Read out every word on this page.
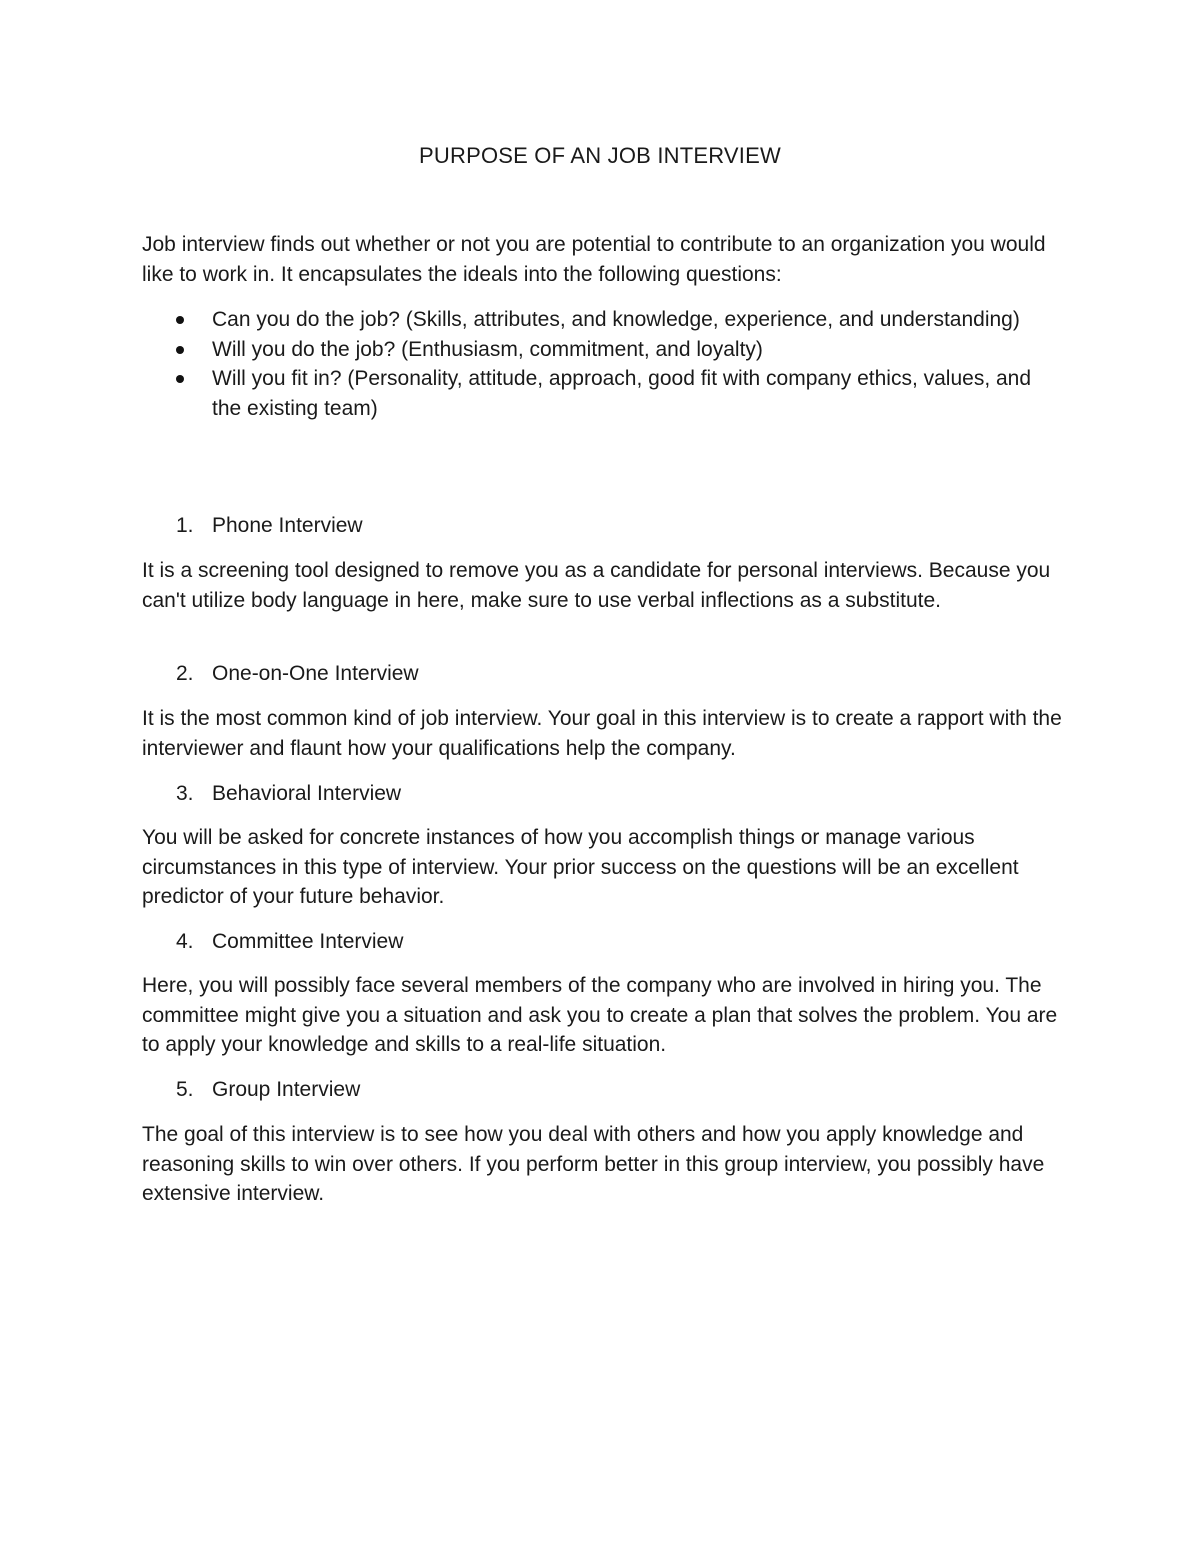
PURPOSE OF AN JOB INTERVIEW

Job interview finds out whether or not you are potential to contribute to an organization you would like to work in. It encapsulates the ideals into the following questions:

Can you do the job? (Skills, attributes, and knowledge, experience, and understanding)
Will you do the job? (Enthusiasm, commitment, and loyalty)
Will you fit in? (Personality, attitude, approach, good fit with company ethics, values, and the existing team)
1. Phone Interview

It is a screening tool designed to remove you as a candidate for personal interviews. Because you can't utilize body language in here, make sure to use verbal inflections as a substitute.

2. One-on-One Interview

It is the most common kind of job interview. Your goal in this interview is to create a rapport with the interviewer and flaunt how your qualifications help the company.

3. Behavioral Interview

You will be asked for concrete instances of how you accomplish things or manage various circumstances in this type of interview. Your prior success on the questions will be an excellent predictor of your future behavior.

4. Committee Interview

Here, you will possibly face several members of the company who are involved in hiring you. The committee might give you a situation and ask you to create a plan that solves the problem. You are to apply your knowledge and skills to a real-life situation.

5. Group Interview

The goal of this interview is to see how you deal with others and how you apply knowledge and reasoning skills to win over others. If you perform better in this group interview, you possibly have extensive interview.
